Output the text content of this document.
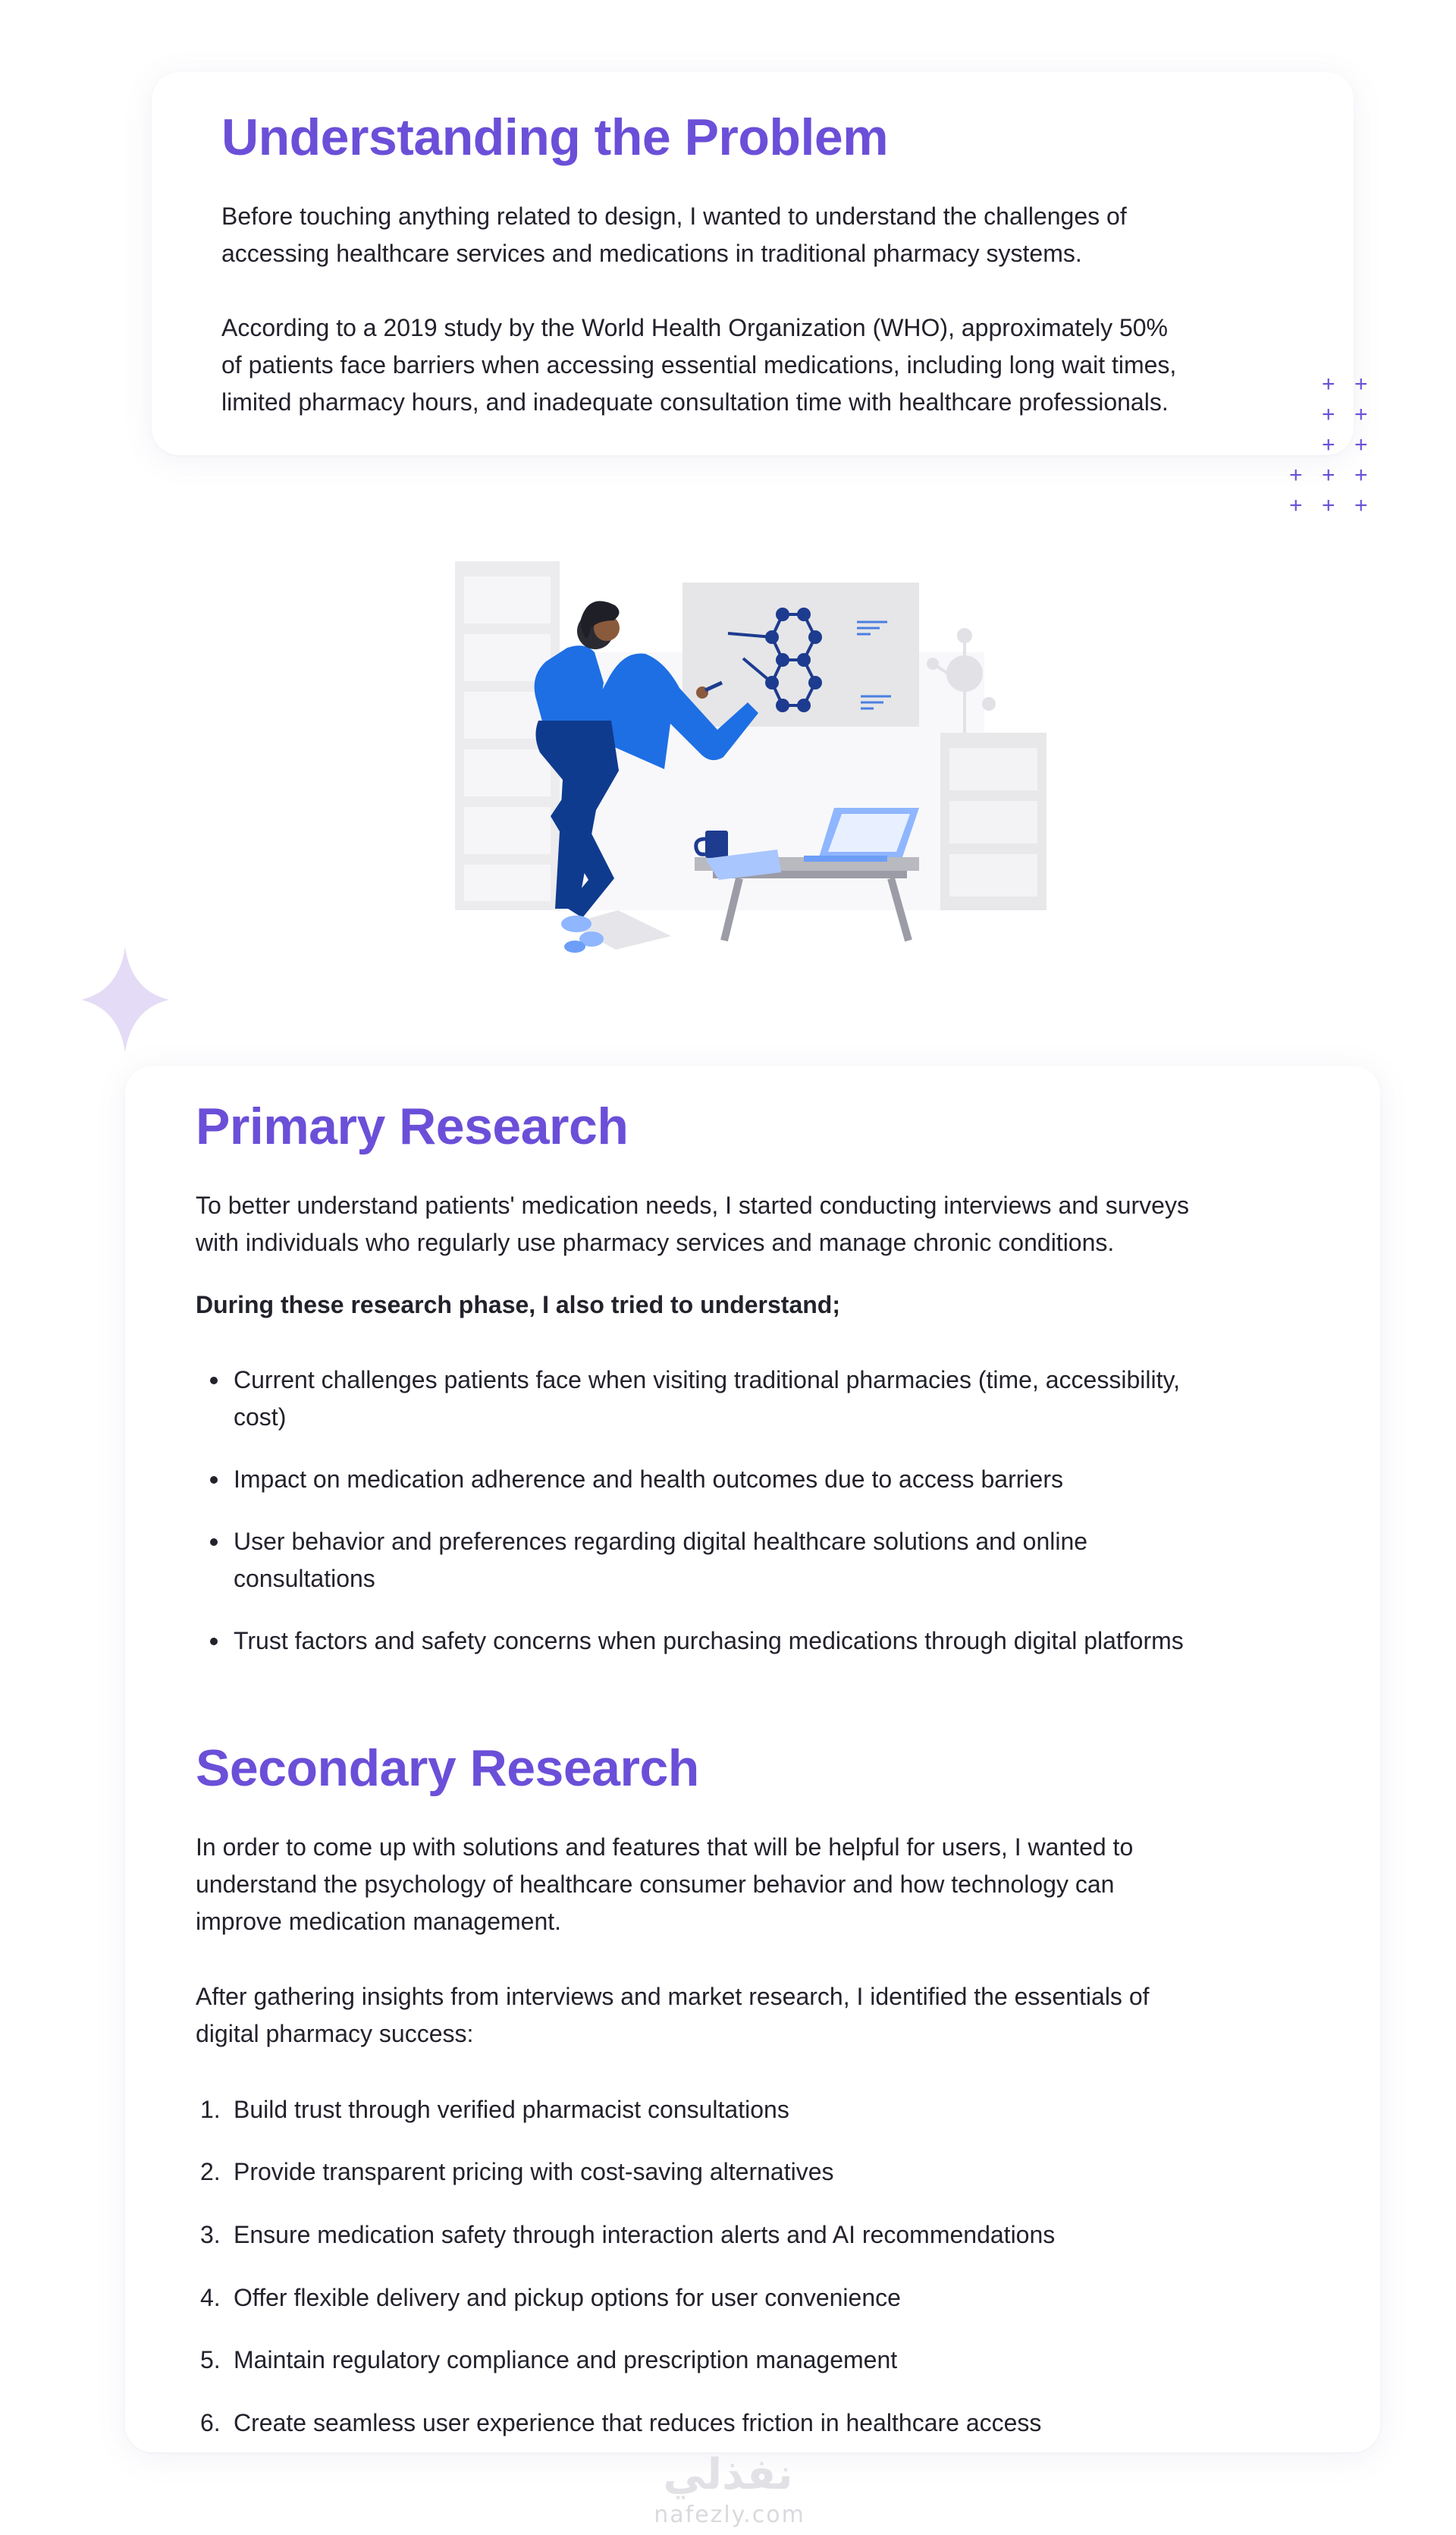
Understanding the Problem

Before touching anything related to design, I wanted to understand the challenges of

accessing healthcare services and medications in traditional pharmacy systems.

According to a 2019 study by the World Health Organization (WHO), approximately 50%

of patients face barriers when accessing essential medications, including long wait times,

limited pharmacy hours, and inadequate consultation time with healthcare professionals.

+ +
+ +
+ +
+ + +
+ + +
Primary Research

To better understand patients' medication needs, I started conducting interviews and surveys

with individuals who regularly use pharmacy services and manage chronic conditions.

During these research phase, I also tried to understand;

Current challenges patients face when visiting traditional pharmacies (time, accessibility,
cost)
Impact on medication adherence and health outcomes due to access barriers
User behavior and preferences regarding digital healthcare solutions and online
consultations
Trust factors and safety concerns when purchasing medications through digital platforms
Secondary Research

In order to come up with solutions and features that will be helpful for users, I wanted to

understand the psychology of healthcare consumer behavior and how technology can

improve medication management.

After gathering insights from interviews and market research, I identified the essentials of

digital pharmacy success:

1. Build trust through verified pharmacist consultations
2. Provide transparent pricing with cost-saving alternatives
3. Ensure medication safety through interaction alerts and AI recommendations
4. Offer flexible delivery and pickup options for user convenience
5. Maintain regulatory compliance and prescription management
6. Create seamless user experience that reduces friction in healthcare access
نفذلي
nafezly.com
